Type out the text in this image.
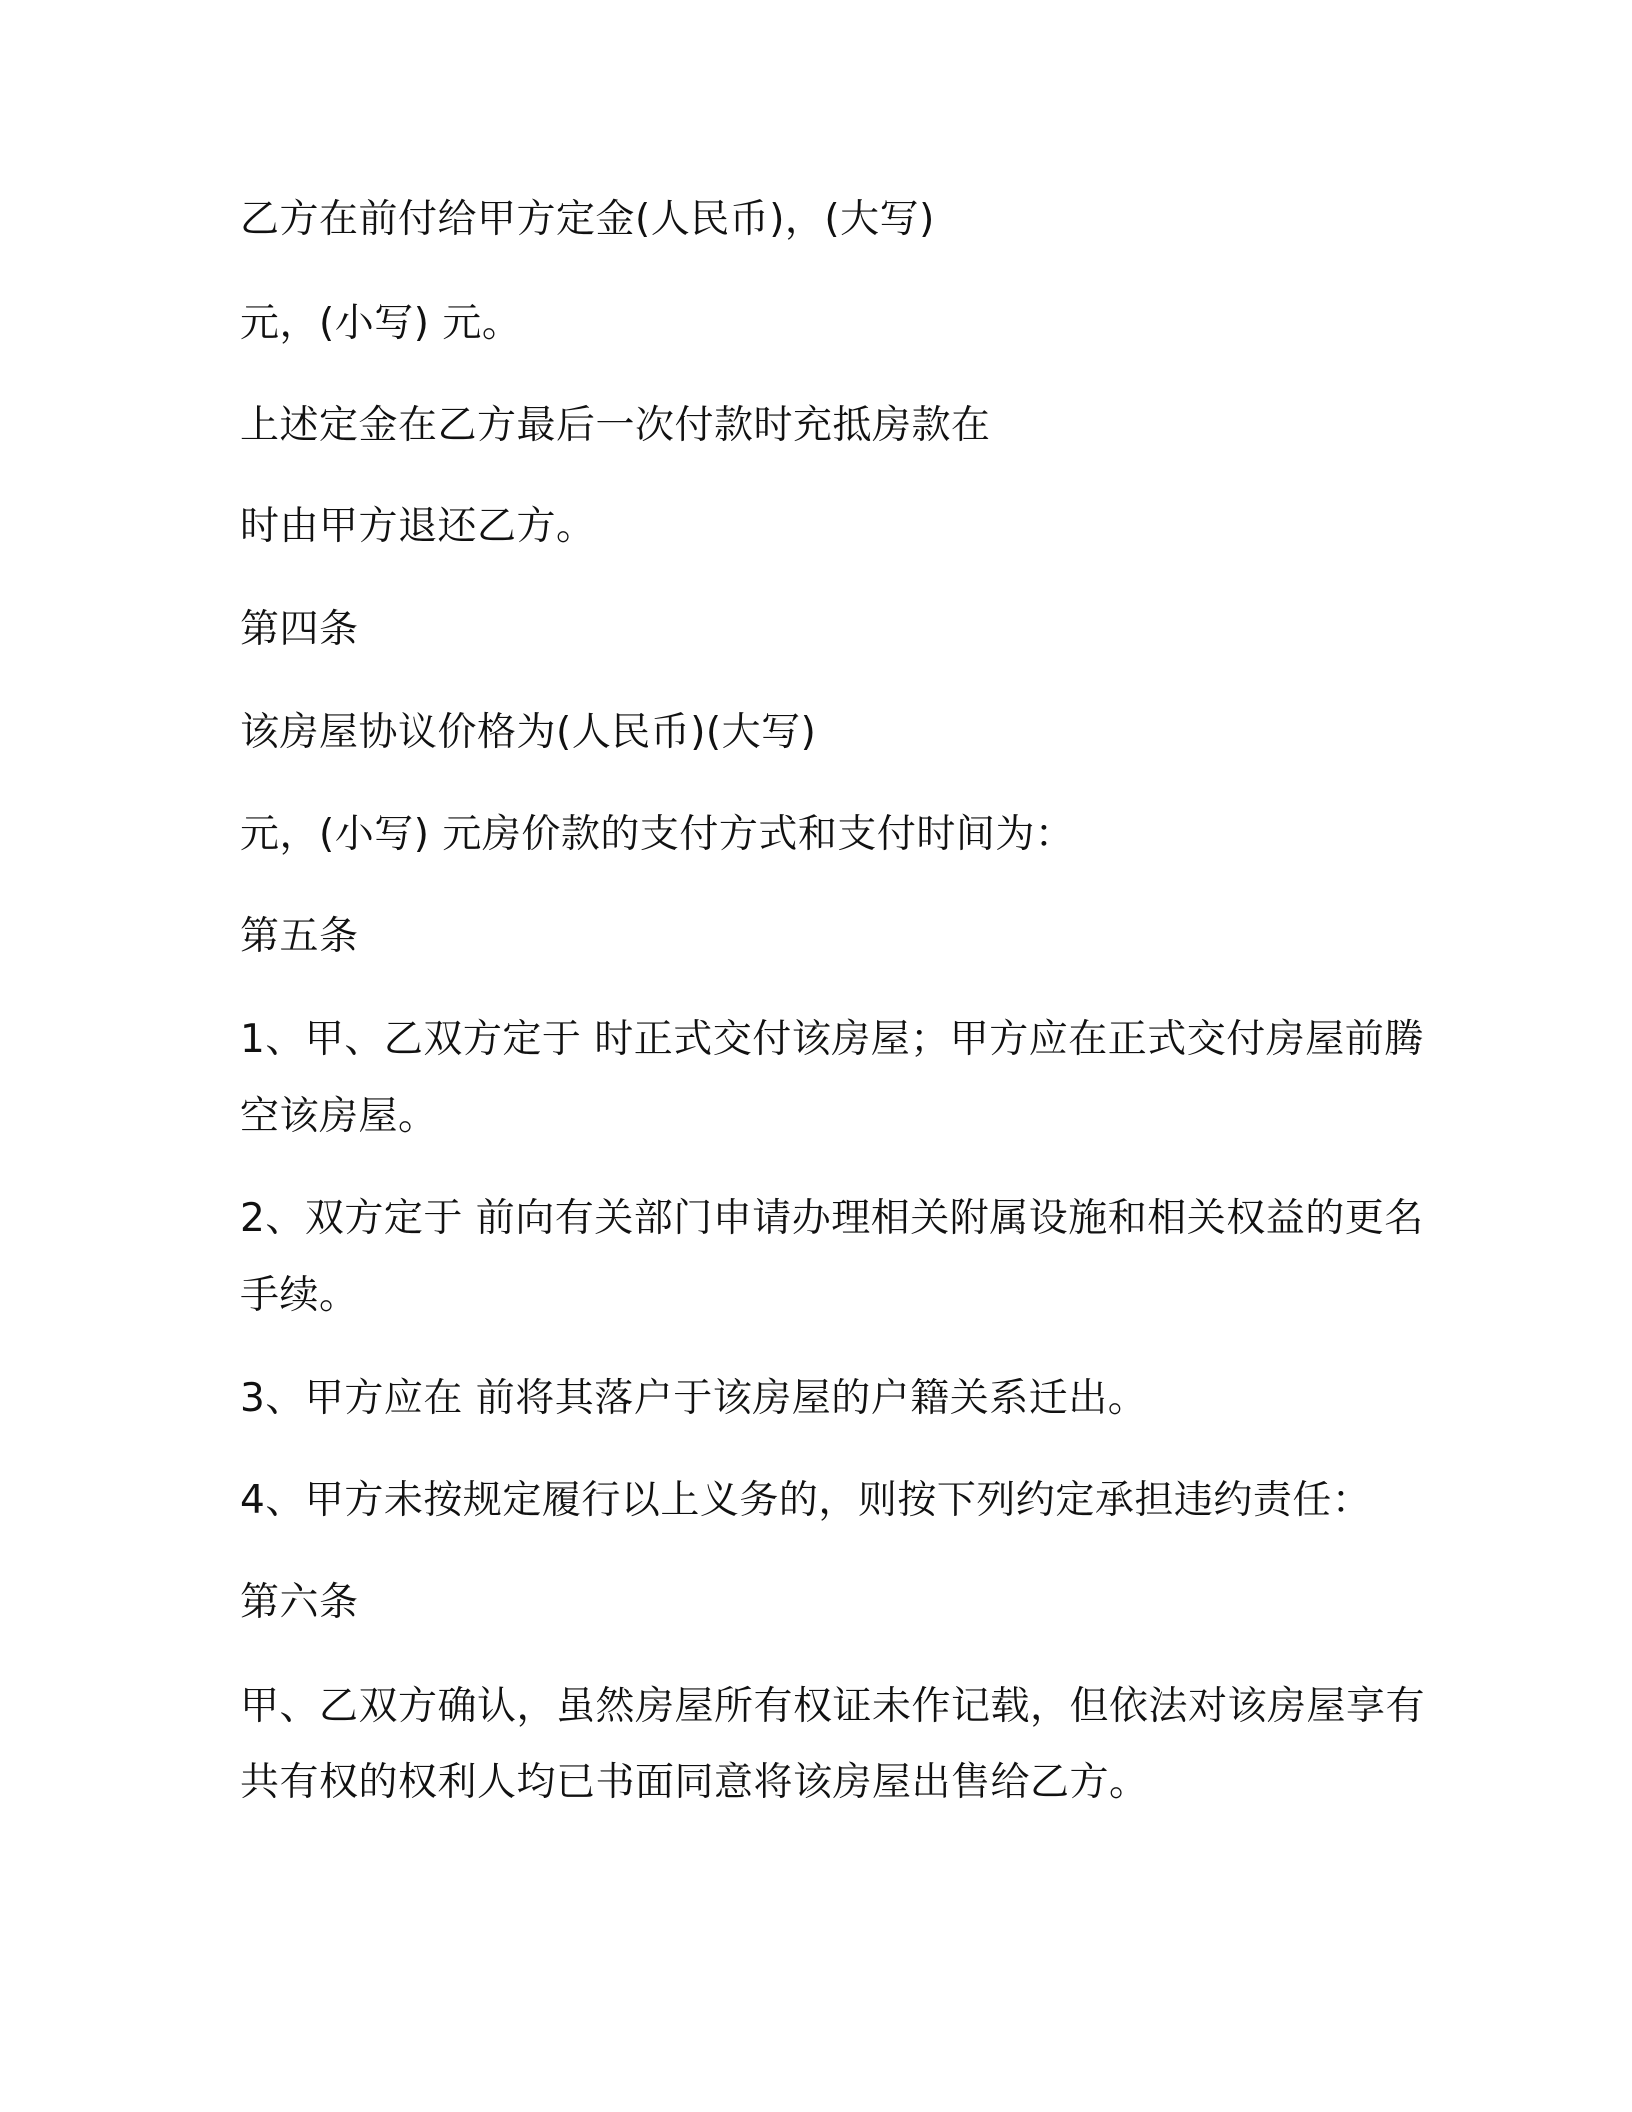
乙方在前付给甲方定金(人民币)，(大写)

元，(小写) 元。

上述定金在乙方最后一次付款时充抵房款在

时由甲方退还乙方。

第四条

该房屋协议价格为(人民币)(大写)

元，(小写) 元房价款的支付方式和支付时间为：

第五条

1、甲、乙双方定于 时正式交付该房屋；甲方应在正式交付房屋前腾

空该房屋。

2、双方定于 前向有关部门申请办理相关附属设施和相关权益的更名

手续。

3、甲方应在 前将其落户于该房屋的户籍关系迁出。

4、甲方未按规定履行以上义务的，则按下列约定承担违约责任：

第六条

甲、乙双方确认，虽然房屋所有权证未作记载，但依法对该房屋享有

共有权的权利人均已书面同意将该房屋出售给乙方。
